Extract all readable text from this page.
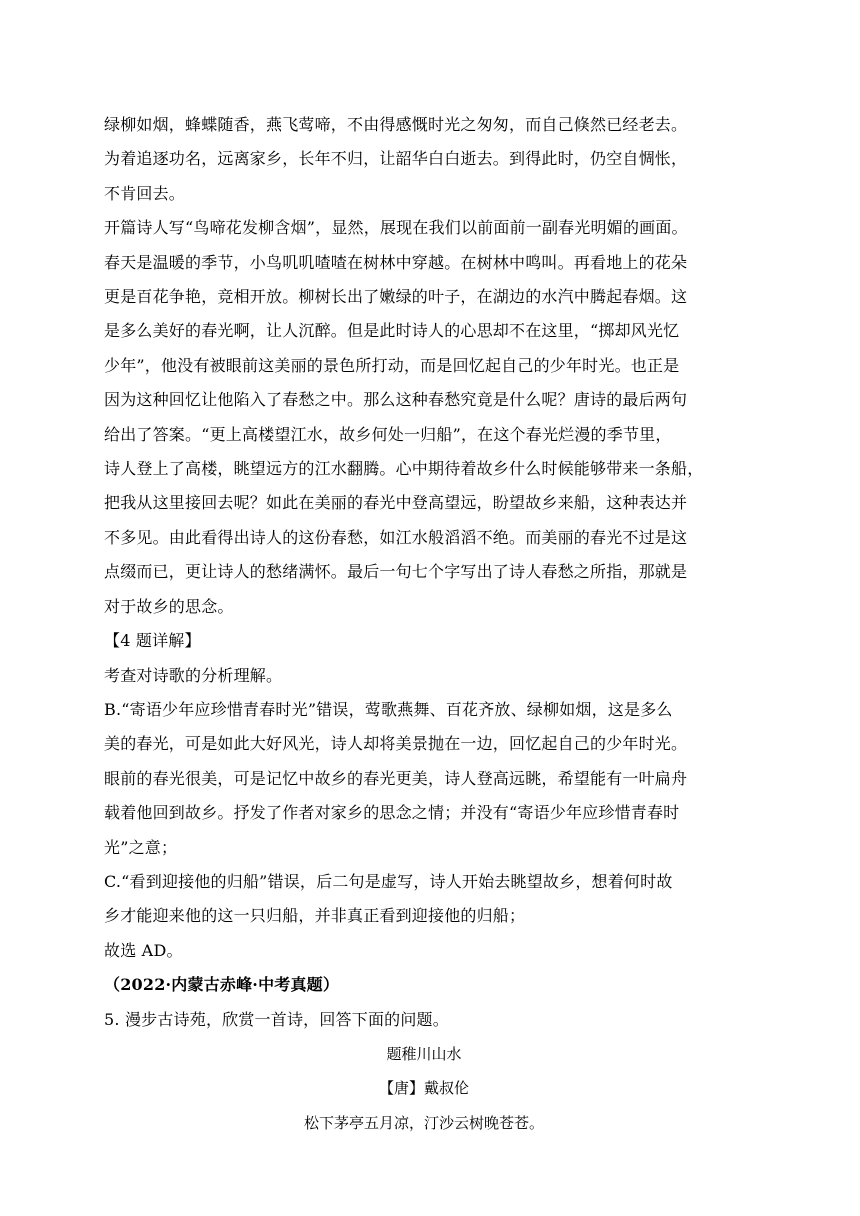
绿柳如烟，蜂蝶随香，燕飞莺啼，不由得感慨时光之匆匆，而自己倏然已经老去。
为着追逐功名，远离家乡，长年不归，让韶华白白逝去。到得此时，仍空自惆怅，
不肯回去。

开篇诗人写“鸟啼花发柳含烟”，显然，展现在我们以前面前一副春光明媚的画面。
春天是温暖的季节，小鸟叽叽喳喳在树林中穿越。在树林中鸣叫。再看地上的花朵
更是百花争艳，竞相开放。柳树长出了嫩绿的叶子，在湖边的水汽中腾起春烟。这
是多么美好的春光啊，让人沉醉。但是此时诗人的心思却不在这里，“掷却风光忆
少年”，他没有被眼前这美丽的景色所打动，而是回忆起自己的少年时光。也正是
因为这种回忆让他陷入了春愁之中。那么这种春愁究竟是什么呢？唐诗的最后两句
给出了答案。“更上高楼望江水，故乡何处一归船”，在这个春光烂漫的季节里，
诗人登上了高楼，眺望远方的江水翻腾。心中期待着故乡什么时候能够带来一条船，
把我从这里接回去呢？如此在美丽的春光中登高望远，盼望故乡来船，这种表达并
不多见。由此看得出诗人的这份春愁，如江水般滔滔不绝。而美丽的春光不过是这
点缀而已，更让诗人的愁绪满怀。最后一句七个字写出了诗人春愁之所指，那就是
对于故乡的思念。

【4 题详解】

考查对诗歌的分析理解。

B.“寄语少年应珍惜青春时光”错误，莺歌燕舞、百花齐放、绿柳如烟，这是多么
美的春光，可是如此大好风光，诗人却将美景抛在一边，回忆起自己的少年时光。
眼前的春光很美，可是记忆中故乡的春光更美，诗人登高远眺，希望能有一叶扁舟
载着他回到故乡。抒发了作者对家乡的思念之情；并没有“寄语少年应珍惜青春时
光”之意；

C.“看到迎接他的归船”错误，后二句是虚写，诗人开始去眺望故乡，想着何时故
乡才能迎来他的这一只归船，并非真正看到迎接他的归船；

故选 AD。

（2022·内蒙古赤峰·中考真题）

5. 漫步古诗苑，欣赏一首诗，回答下面的问题。

题稚川山水
【唐】戴叔伦
松下茅亭五月凉，汀沙云树晚苍苍。
